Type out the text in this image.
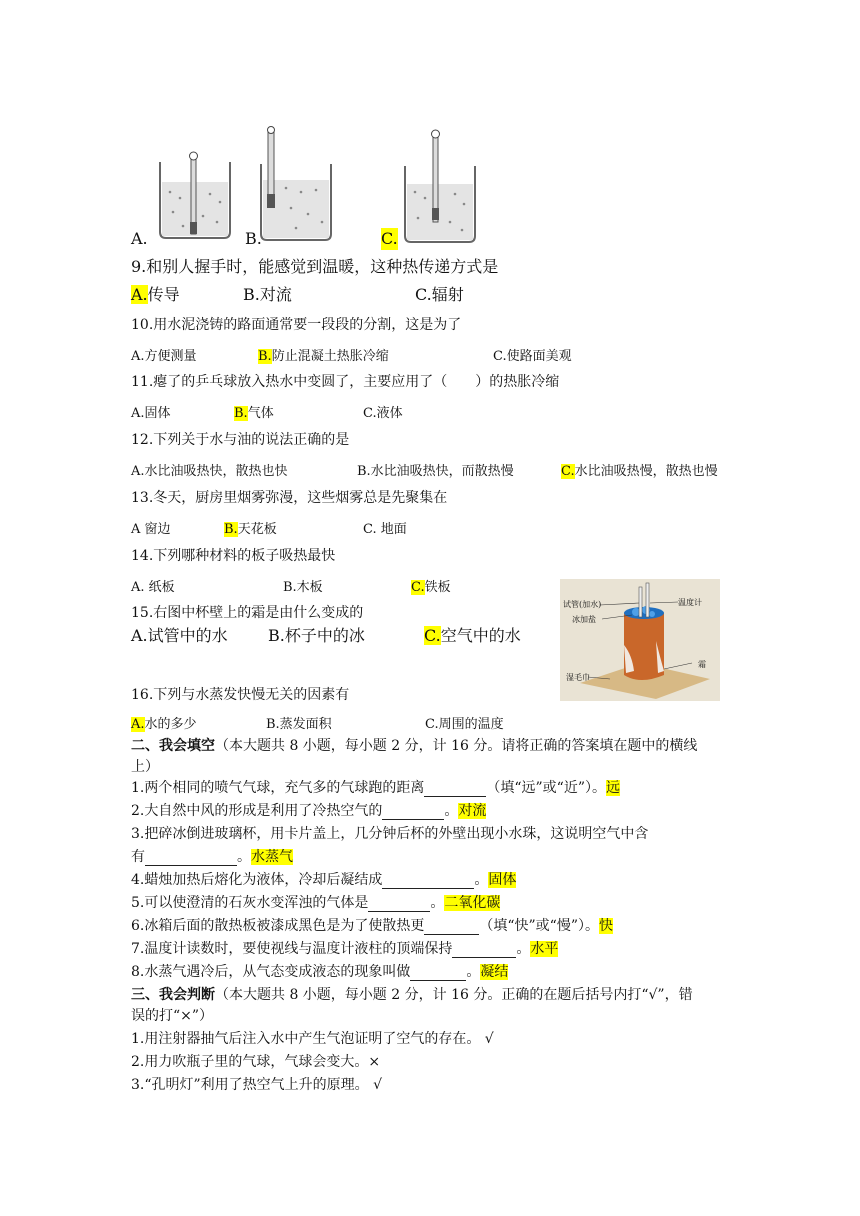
A.	B.	C.
9.和别人握手时，能感觉到温暖，这种热传递方式是
A.传导	B.对流	C.辐射
10.用水泥浇铸的路面通常要一段段的分割，这是为了
A.方便测量	B.防止混凝土热胀冷缩	C.使路面美观
11.瘪了的乒乓球放入热水中变圆了，主要应用了（　　）的热胀冷缩
A.固体	B.气体	C.液体
12.下列关于水与油的说法正确的是
A.水比油吸热快，散热也快	B.水比油吸热快，而散热慢	C.水比油吸热慢，散热也慢
13.冬天，厨房里烟雾弥漫，这些烟雾总是先聚集在
A 窗边	B.天花板	C. 地面
14.下列哪种材料的板子吸热最快
A. 纸板	B.木板	C.铁板
15.右图中杯壁上的霜是由什么变成的
A.试管中的水	B.杯子中的冰	C.空气中的水
试管(加水)	温度计
冰加盐
霜
湿毛巾
16.下列与水蒸发快慢无关的因素有
A.水的多少	B.蒸发面积	C.周围的温度
二、我会填空（本大题共 8 小题，每小题 2 分，计 16 分。请将正确的答案填在题中的横线
上）
1.两个相同的喷气气球，充气多的气球跑的距离	（填“远”或“近”）。远
2.大自然中风的形成是利用了冷热空气的	。对流
3.把碎冰倒进玻璃杯，用卡片盖上，几分钟后杯的外壁出现小水珠，这说明空气中含
有	。水蒸气
4.蜡烛加热后熔化为液体，冷却后凝结成	。固体
5.可以使澄清的石灰水变浑浊的气体是	。二氧化碳
6.冰箱后面的散热板被漆成黑色是为了使散热更	（填“快”或“慢”）。快
7.温度计读数时，要使视线与温度计液柱的顶端保持	。水平
8.水蒸气遇冷后，从气态变成液态的现象叫做	。凝结
三、我会判断（本大题共 8 小题，每小题 2 分，计 16 分。正确的在题后括号内打“√”，错
误的打“×”）
1.用注射器抽气后注入水中产生气泡证明了空气的存在。 √
2.用力吹瓶子里的气球，气球会变大。×
3.“孔明灯”利用了热空气上升的原理。 √
